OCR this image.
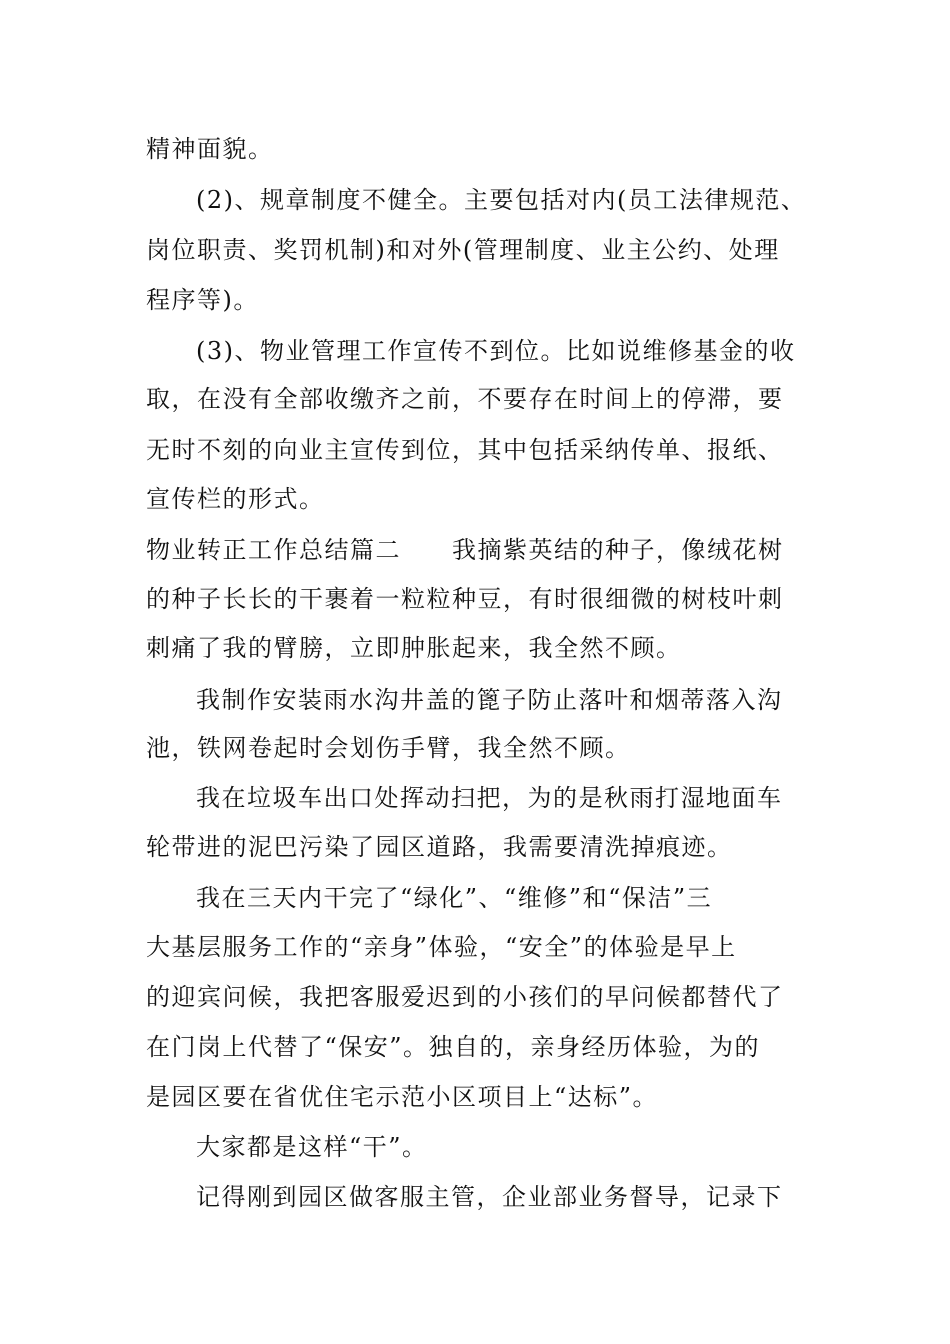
精神面貌。
(2)、规章制度不健全。主要包括对内(员工法律规范、
岗位职责、奖罚机制)和对外(管理制度、业主公约、处理
程序等)。
(3)、物业管理工作宣传不到位。比如说维修基金的收
取，在没有全部收缴齐之前，不要存在时间上的停滞，要
无时不刻的向业主宣传到位，其中包括采纳传单、报纸、
宣传栏的形式。
物业转正工作总结篇二　　我摘紫英结的种子，像绒花树
的种子长长的干裹着一粒粒种豆，有时很细微的树枝叶刺
刺痛了我的臂膀，立即肿胀起来，我全然不顾。
我制作安装雨水沟井盖的篦子防止落叶和烟蒂落入沟
池，铁网卷起时会划伤手臂，我全然不顾。
我在垃圾车出口处挥动扫把，为的是秋雨打湿地面车
轮带进的泥巴污染了园区道路，我需要清洗掉痕迹。
我在三天内干完了“绿化”、“维修”和“保洁”三
大基层服务工作的“亲身”体验，“安全”的体验是早上
的迎宾问候，我把客服爱迟到的小孩们的早问候都替代了
在门岗上代替了“保安”。独自的，亲身经历体验，为的
是园区要在省优住宅示范小区项目上“达标”。
大家都是这样“干”。
记得刚到园区做客服主管，企业部业务督导，记录下
